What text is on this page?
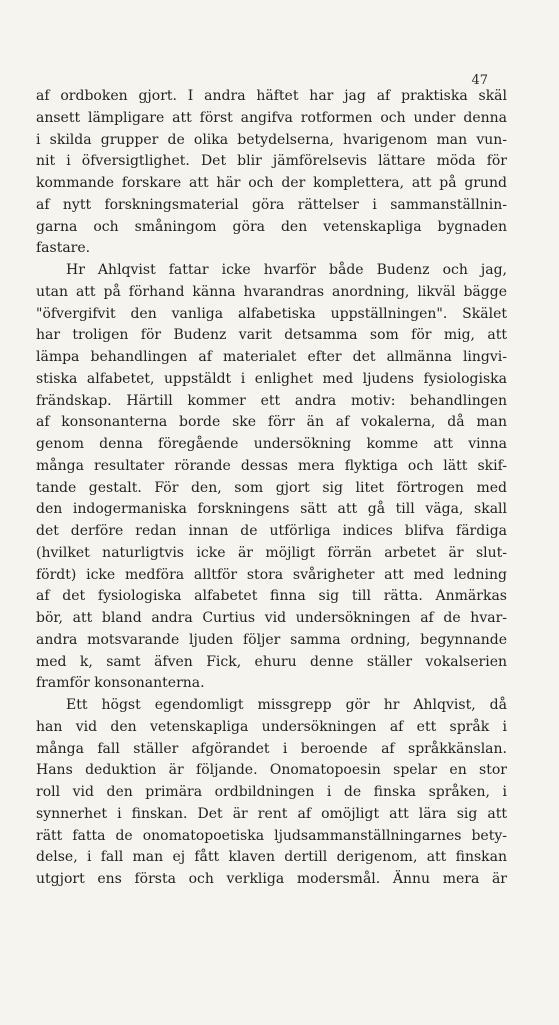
47
af ordboken gjort. I andra häftet har jag af praktiska skäl
ansett lämpligare att först angifva rotformen och under denna
i skilda grupper de olika betydelserna, hvarigenom man vun-
nit i öfversigtlighet. Det blir jämförelsevis lättare möda för
kommande forskare att här och der komplettera, att på grund
af nytt forskningsmaterial göra rättelser i sammanställnin-
garna och småningom göra den vetenskapliga bygnaden
fastare.
Hr Ahlqvist fattar icke hvarför både Budenz och jag,
utan att på förhand känna hvarandras anordning, likväl bägge
"öfvergifvit den vanliga alfabetiska uppställningen". Skälet
har troligen för Budenz varit detsamma som för mig, att
lämpa behandlingen af materialet efter det allmänna lingvi-
stiska alfabetet, uppstäldt i enlighet med ljudens fysiologiska
frändskap. Härtill kommer ett andra motiv: behandlingen
af konsonanterna borde ske förr än af vokalerna, då man
genom denna föregående undersökning komme att vinna
många resultater rörande dessas mera flyktiga och lätt skif-
tande gestalt. För den, som gjort sig litet förtrogen med
den indogermaniska forskningens sätt att gå till väga, skall
det derföre redan innan de utförliga indices blifva färdiga
(hvilket naturligtvis icke är möjligt förrän arbetet är slut-
fördt) icke medföra alltför stora svårigheter att med ledning
af det fysiologiska alfabetet finna sig till rätta. Anmärkas
bör, att bland andra Curtius vid undersökningen af de hvar-
andra motsvarande ljuden följer samma ordning, begynnande
med k, samt äfven Fick, ehuru denne ställer vokalserien
framför konsonanterna.
Ett högst egendomligt missgrepp gör hr Ahlqvist, då
han vid den vetenskapliga undersökningen af ett språk i
många fall ställer afgörandet i beroende af språkkänslan.
Hans deduktion är följande. Onomatopoesin spelar en stor
roll vid den primära ordbildningen i de finska språken, i
synnerhet i finskan. Det är rent af omöjligt att lära sig att
rätt fatta de onomatopoetiska ljudsammanställningarnes bety-
delse, i fall man ej fått klaven dertill derigenom, att finskan
utgjort ens första och verkliga modersmål. Ännu mera är
